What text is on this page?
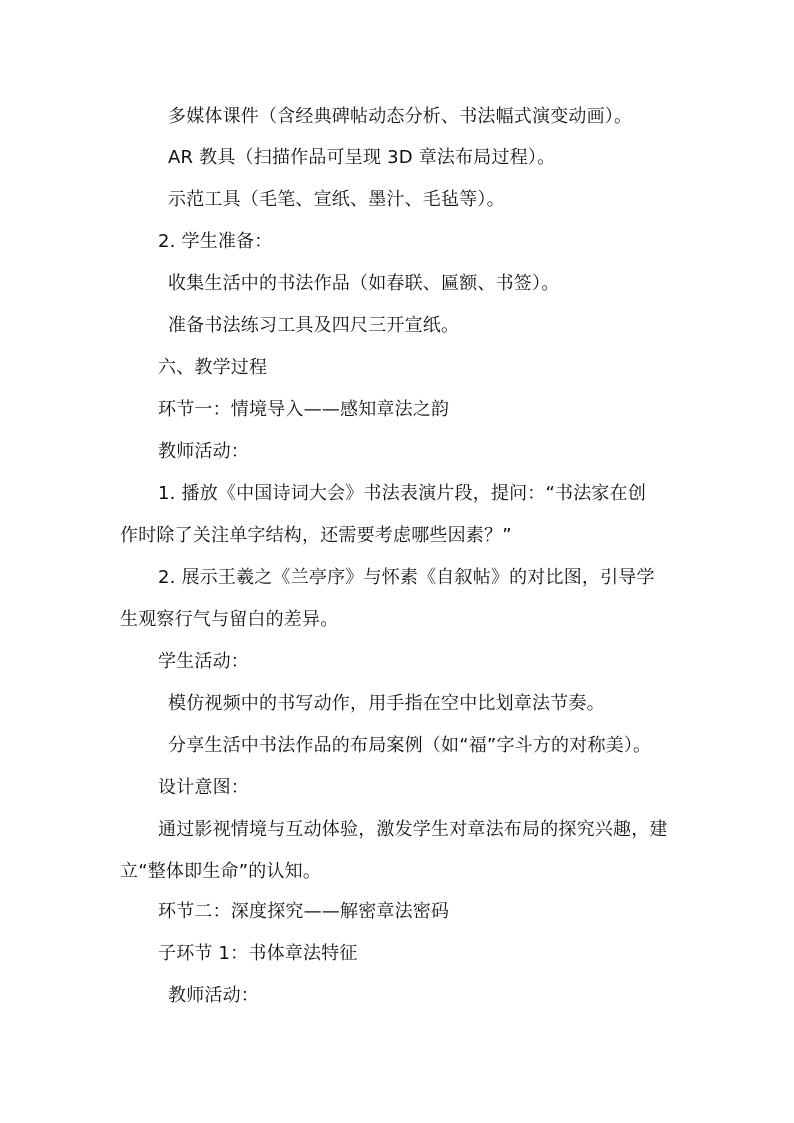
多媒体课件（含经典碑帖动态分析、书法幅式演变动画）。
AR 教具（扫描作品可呈现 3D 章法布局过程）。
示范工具（毛笔、宣纸、墨汁、毛毡等）。
2. 学生准备：
收集生活中的书法作品（如春联、匾额、书签）。
准备书法练习工具及四尺三开宣纸。
六、教学过程
环节一：情境导入——感知章法之韵
教师活动：
1. 播放《中国诗词大会》书法表演片段，提问：“书法家在创
作时除了关注单字结构，还需要考虑哪些因素？”
2. 展示王羲之《兰亭序》与怀素《自叙帖》的对比图，引导学
生观察行气与留白的差异。
学生活动：
模仿视频中的书写动作，用手指在空中比划章法节奏。
分享生活中书法作品的布局案例（如“福”字斗方的对称美）。
设计意图：
通过影视情境与互动体验，激发学生对章法布局的探究兴趣，建
立“整体即生命”的认知。
环节二：深度探究——解密章法密码
子环节 1：书体章法特征
教师活动：
